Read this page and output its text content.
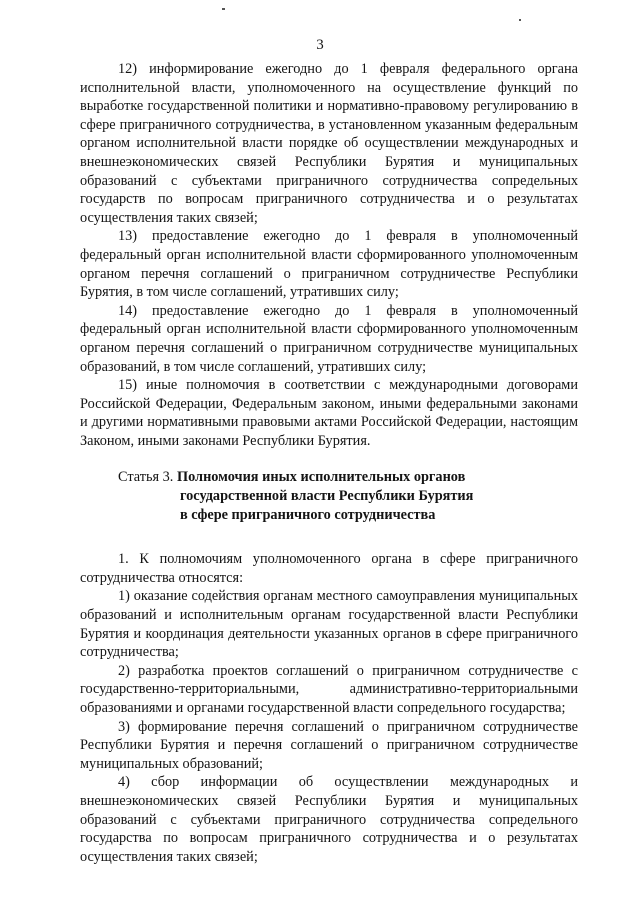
3

12) информирование ежегодно до 1 февраля федерального органа исполнительной власти, уполномоченного на осуществление функций по выработке государственной политики и нормативно-правовому регулированию в сфере приграничного сотрудничества, в установленном указанным федеральным органом исполнительной власти порядке об осуществлении международных и внешнеэкономических связей Республики Бурятия и муниципальных образований с субъектами приграничного сотрудничества сопредельных государств по вопросам приграничного сотрудничества и о результатах осуществления таких связей;

13) предоставление ежегодно до 1 февраля в уполномоченный федеральный орган исполнительной власти сформированного уполномоченным органом перечня соглашений о приграничном сотрудничестве Республики Бурятия, в том числе соглашений, утративших силу;

14) предоставление ежегодно до 1 февраля в уполномоченный федеральный орган исполнительной власти сформированного уполномоченным органом перечня соглашений о приграничном сотрудничестве муниципальных образований, в том числе соглашений, утративших силу;

15) иные полномочия в соответствии с международными договорами Российской Федерации, Федеральным законом, иными федеральными законами и другими нормативными правовыми актами Российской Федерации, настоящим Законом, иными законами Республики Бурятия.

Статья 3. Полномочия иных исполнительных органов
государственной власти Республики Бурятия
в сфере приграничного сотрудничества

1. К полномочиям уполномоченного органа в сфере приграничного сотрудничества относятся:

1) оказание содействия органам местного самоуправления муниципальных образований и исполнительным органам государственной власти Республики Бурятия и координация деятельности указанных органов в сфере приграничного сотрудничества;

2) разработка проектов соглашений о приграничном сотрудничестве с государственно-территориальными, административно-территориальными образованиями и органами государственной власти сопредельного государства;

3) формирование перечня соглашений о приграничном сотрудничестве Республики Бурятия и перечня соглашений о приграничном сотрудничестве муниципальных образований;

4) сбор информации об осуществлении международных и внешнеэкономических связей Республики Бурятия и муниципальных образований с субъектами приграничного сотрудничества сопредельного государства по вопросам приграничного сотрудничества и о результатах осуществления таких связей;
